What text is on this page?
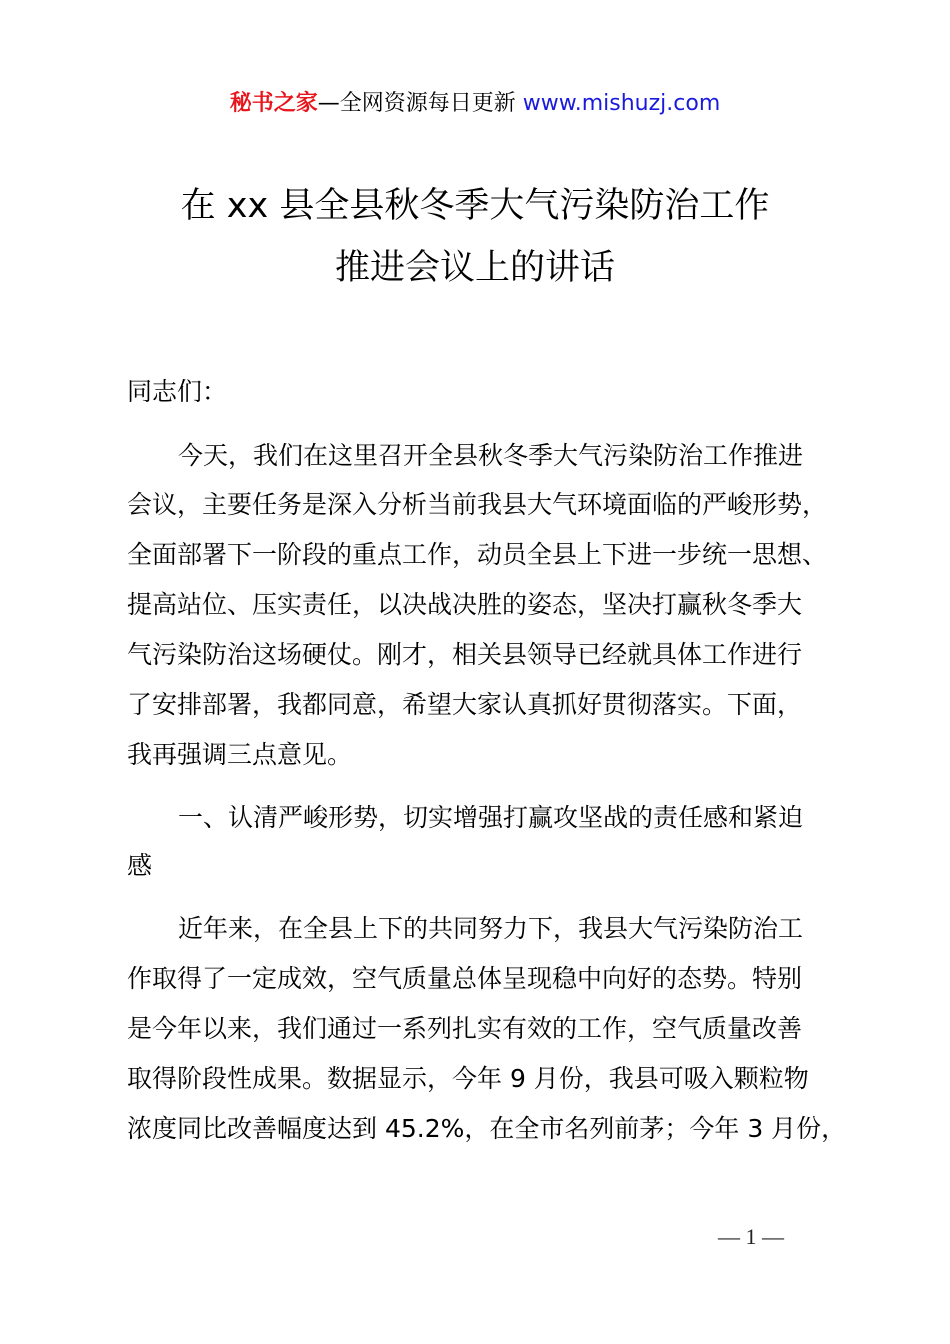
秘书之家—全网资源每日更新 www.mishuzj.com
在 xx 县全县秋冬季大气污染防治工作
推进会议上的讲话
同志们：
今天，我们在这里召开全县秋冬季大气污染防治工作推进
会议，主要任务是深入分析当前我县大气环境面临的严峻形势，
全面部署下一阶段的重点工作，动员全县上下进一步统一思想、
提高站位、压实责任，以决战决胜的姿态，坚决打赢秋冬季大
气污染防治这场硬仗。刚才，相关县领导已经就具体工作进行
了安排部署，我都同意，希望大家认真抓好贯彻落实。下面，
我再强调三点意见。
一、认清严峻形势，切实增强打赢攻坚战的责任感和紧迫
感
近年来，在全县上下的共同努力下，我县大气污染防治工
作取得了一定成效，空气质量总体呈现稳中向好的态势。特别
是今年以来，我们通过一系列扎实有效的工作，空气质量改善
取得阶段性成果。数据显示，今年 9 月份，我县可吸入颗粒物
浓度同比改善幅度达到 45.2%，在全市名列前茅；今年 3 月份，
— 1 —
